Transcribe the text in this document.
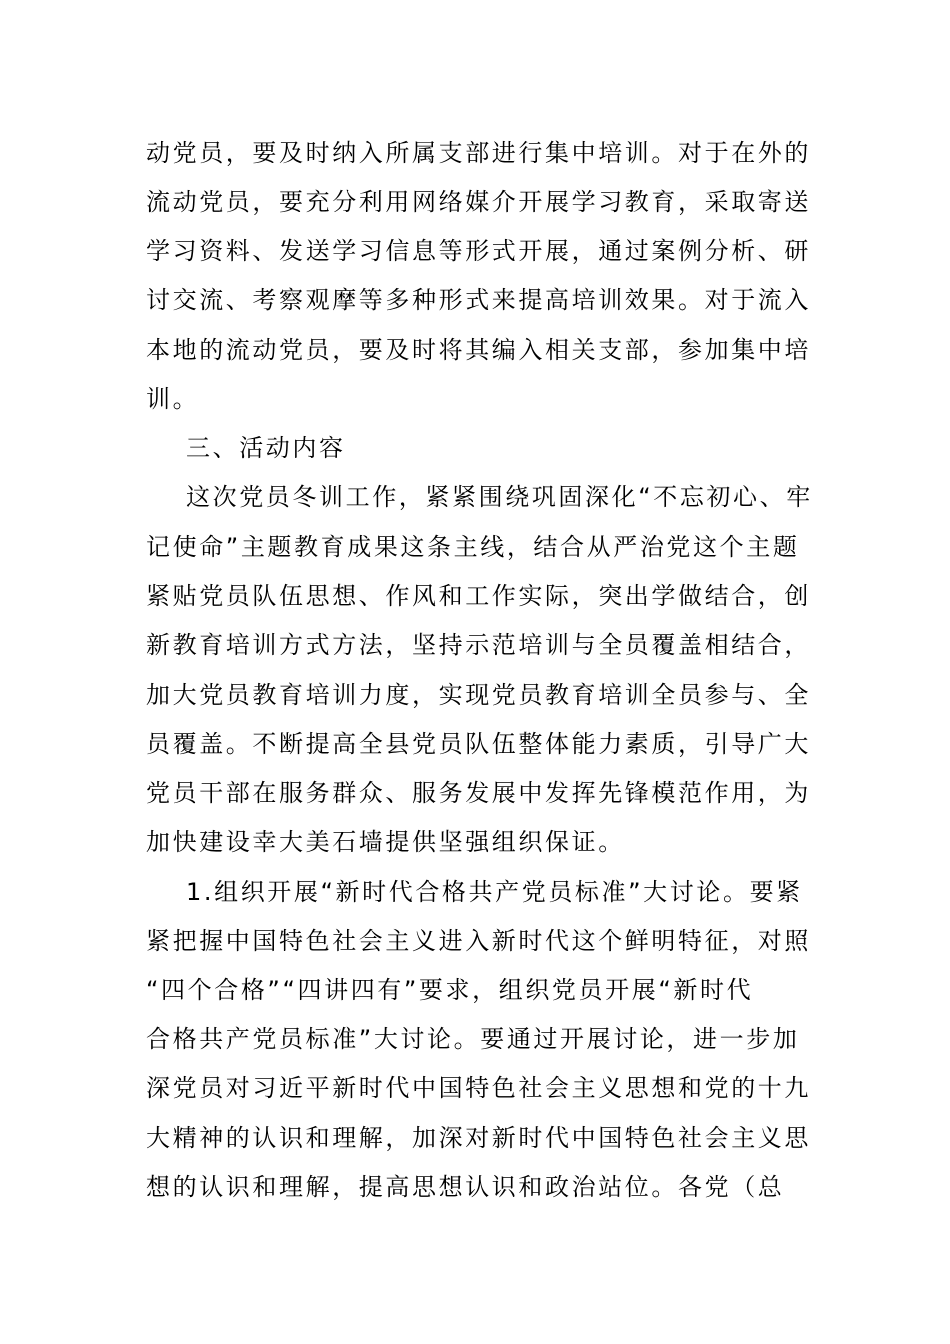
动党员，要及时纳入所属支部进行集中培训。对于在外的
流动党员，要充分利用网络媒介开展学习教育，采取寄送
学习资料、发送学习信息等形式开展，通过案例分析、研
讨交流、考察观摩等多种形式来提高培训效果。对于流入
本地的流动党员，要及时将其编入相关支部，参加集中培
训。
三、活动内容
这次党员冬训工作，紧紧围绕巩固深化“不忘初心、牢
记使命”主题教育成果这条主线，结合从严治党这个主题
紧贴党员队伍思想、作风和工作实际，突出学做结合，创
新教育培训方式方法，坚持示范培训与全员覆盖相结合，
加大党员教育培训力度，实现党员教育培训全员参与、全
员覆盖。不断提高全县党员队伍整体能力素质，引导广大
党员干部在服务群众、服务发展中发挥先锋模范作用，为
加快建设幸大美石墙提供坚强组织保证。
1.组织开展“新时代合格共产党员标准”大讨论。要紧
紧把握中国特色社会主义进入新时代这个鲜明特征，对照
“四个合格”“四讲四有”要求，组织党员开展“新时代
合格共产党员标准”大讨论。要通过开展讨论，进一步加
深党员对习近平新时代中国特色社会主义思想和党的十九
大精神的认识和理解，加深对新时代中国特色社会主义思
想的认识和理解，提高思想认识和政治站位。各党（总
